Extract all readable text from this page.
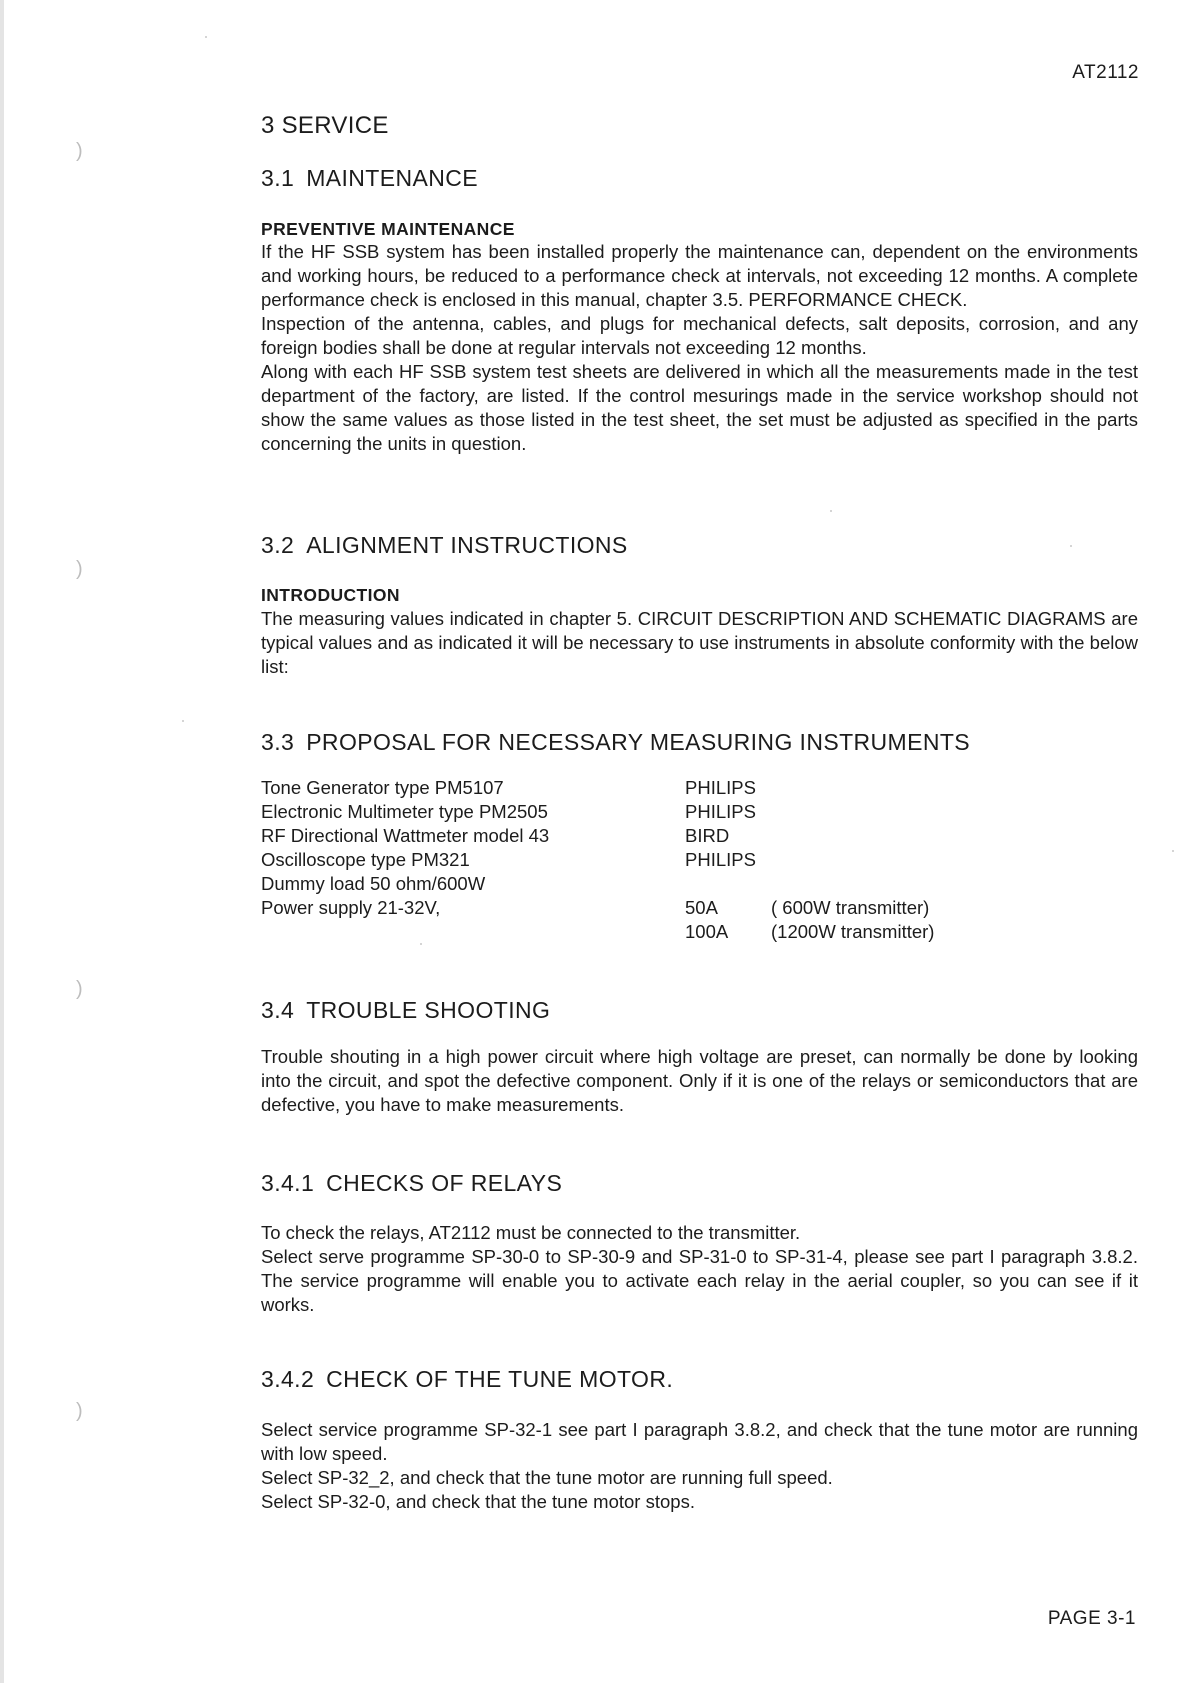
)
)
)
)
AT2112
3 SERVICE
3.1 MAINTENANCE
PREVENTIVE MAINTENANCE

If the HF SSB system has been installed properly the maintenance can, dependent on the environments and working hours, be reduced to a performance check at intervals, not exceeding 12 months. A complete performance check is enclosed in this manual, chapter 3.5. PERFORMANCE CHECK.

Inspection of the antenna, cables, and plugs for mechanical defects, salt deposits, corrosion, and any foreign bodies shall be done at regular intervals not exceeding 12 months.

Along with each HF SSB system test sheets are delivered in which all the measurements made in the test department of the factory, are listed. If the control mesurings made in the service workshop should not show the same values as those listed in the test sheet, the set must be adjusted as specified in the parts concerning the units in question.

3.2 ALIGNMENT INSTRUCTIONS
INTRODUCTION

The measuring values indicated in chapter 5. CIRCUIT DESCRIPTION AND SCHEMATIC DIAGRAMS are typical values and as indicated it will be necessary to use instruments in absolute conformity with the below list:

3.3 PROPOSAL FOR NECESSARY MEASURING INSTRUMENTS
Tone Generator type PM5107	PHILIPS	
Electronic Multimeter type PM2505	PHILIPS	
RF Directional Wattmeter model 43	BIRD	
Oscilloscope type PM321	PHILIPS	
Dummy load 50 ohm/600W		
Power supply 21-32V,	50A	( 600W transmitter)
	100A	(1200W transmitter)
3.4 TROUBLE SHOOTING

Trouble shouting in a high power circuit where high voltage are preset, can normally be done by looking into the circuit, and spot the defective component. Only if it is one of the relays or semiconductors that are defective, you have to make measurements.

3.4.1 CHECKS OF RELAYS

To check the relays, AT2112 must be connected to the transmitter.

Select serve programme SP-30-0 to SP-30-9 and SP-31-0 to SP-31-4, please see part I paragraph 3.8.2. The service programme will enable you to activate each relay in the aerial coupler, so you can see if it works.

3.4.2 CHECK OF THE TUNE MOTOR.

Select service programme SP-32-1 see part I paragraph 3.8.2, and check that the tune motor are running with low speed.

Select SP-32_2, and check that the tune motor are running full speed.

Select SP-32-0, and check that the tune motor stops.

PAGE 3-1
